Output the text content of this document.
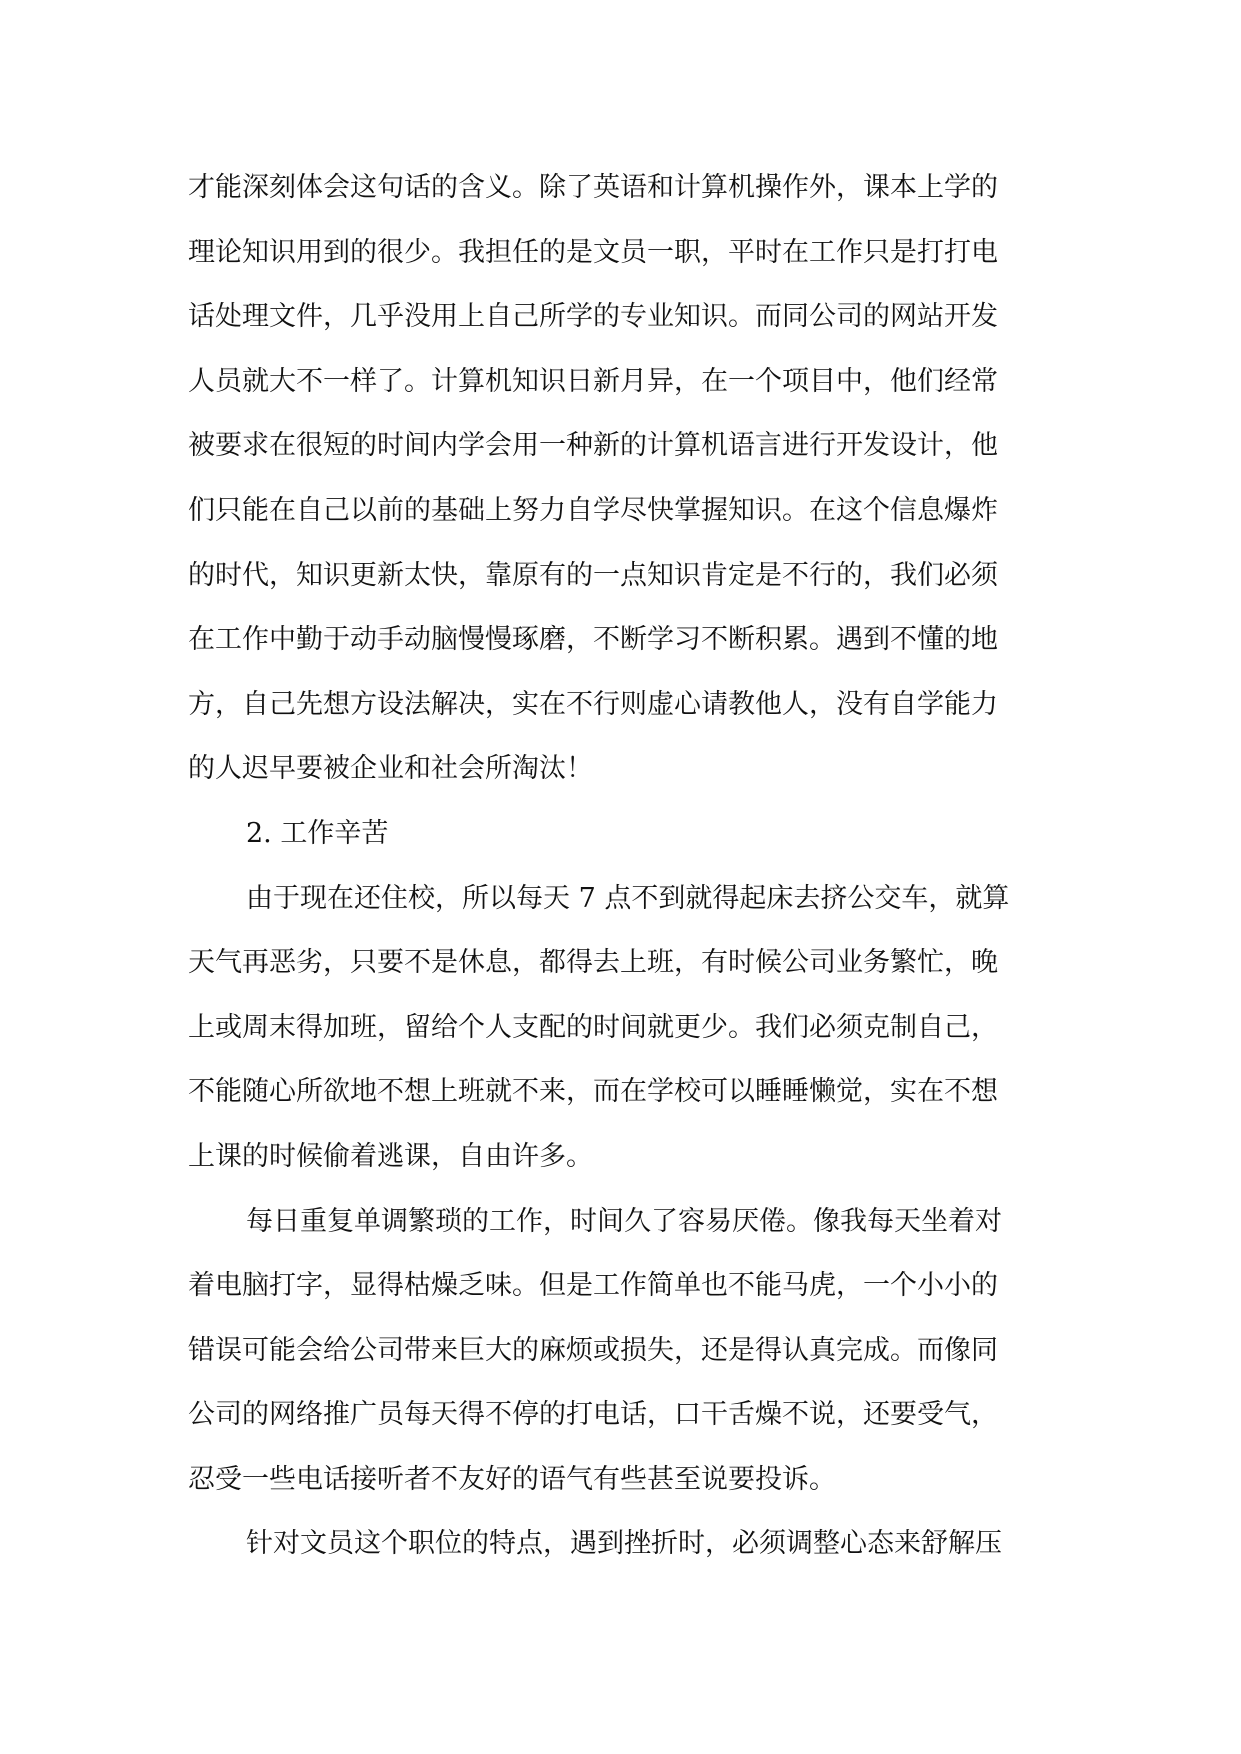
才能深刻体会这句话的含义。除了英语和计算机操作外，课本上学的
理论知识用到的很少。我担任的是文员一职，平时在工作只是打打电
话处理文件，几乎没用上自己所学的专业知识。而同公司的网站开发
人员就大不一样了。计算机知识日新月异，在一个项目中，他们经常
被要求在很短的时间内学会用一种新的计算机语言进行开发设计，他
们只能在自己以前的基础上努力自学尽快掌握知识。在这个信息爆炸
的时代，知识更新太快，靠原有的一点知识肯定是不行的，我们必须
在工作中勤于动手动脑慢慢琢磨，不断学习不断积累。遇到不懂的地
方，自己先想方设法解决，实在不行则虚心请教他人，没有自学能力
的人迟早要被企业和社会所淘汰！
2. 工作辛苦
由于现在还住校，所以每天 7 点不到就得起床去挤公交车，就算
天气再恶劣，只要不是休息，都得去上班，有时候公司业务繁忙，晚
上或周末得加班，留给个人支配的时间就更少。我们必须克制自己，
不能随心所欲地不想上班就不来，而在学校可以睡睡懒觉，实在不想
上课的时候偷着逃课，自由许多。
每日重复单调繁琐的工作，时间久了容易厌倦。像我每天坐着对
着电脑打字，显得枯燥乏味。但是工作简单也不能马虎，一个小小的
错误可能会给公司带来巨大的麻烦或损失，还是得认真完成。而像同
公司的网络推广员每天得不停的打电话，口干舌燥不说，还要受气，
忍受一些电话接听者不友好的语气有些甚至说要投诉。
针对文员这个职位的特点，遇到挫折时，必须调整心态来舒解压
